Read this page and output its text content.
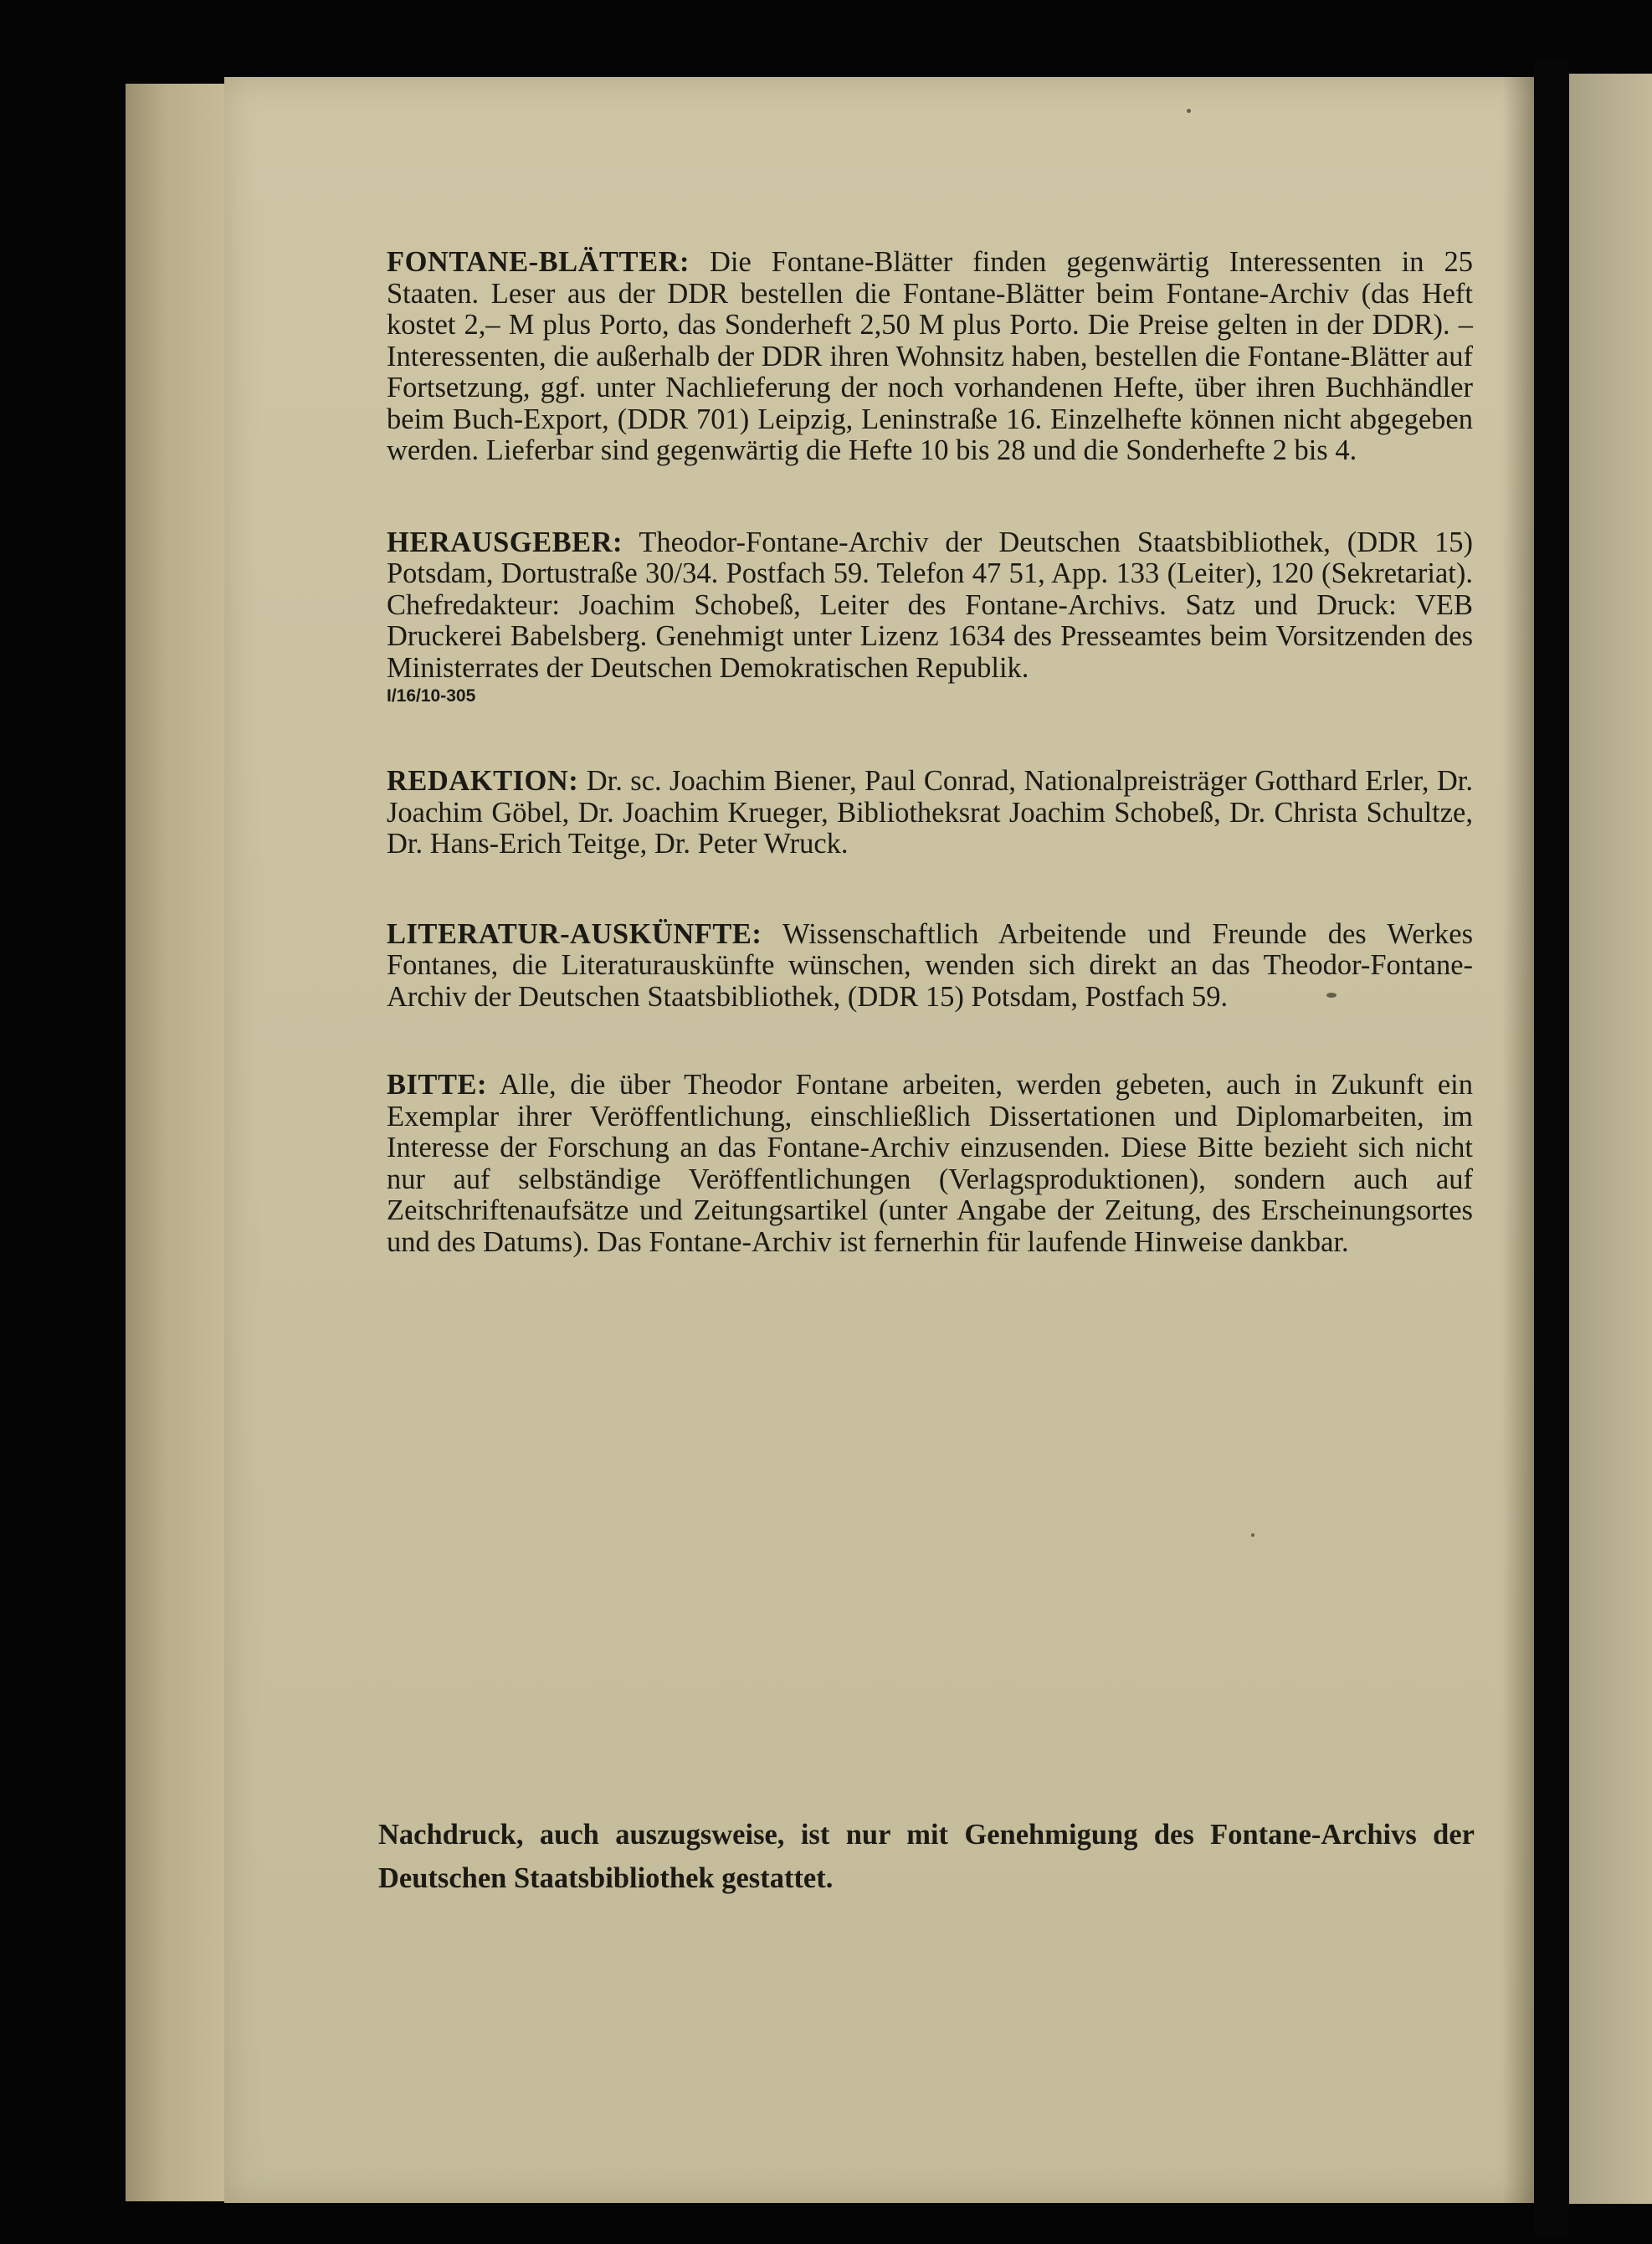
FONTANE-BLÄTTER: Die Fontane-Blätter finden gegenwärtig Interessenten in 25 Staaten. Leser aus der DDR bestellen die Fontane-Blätter beim Fontane-Archiv (das Heft kostet 2,– M plus Porto, das Sonderheft 2,50 M plus Porto. Die Preise gelten in der DDR). – Interessenten, die außerhalb der DDR ihren Wohnsitz haben, bestellen die Fontane-Blätter auf Fortsetzung, ggf. unter Nachlieferung der noch vorhandenen Hefte, über ihren Buchhändler beim Buch-Export, (DDR 701) Leipzig, Leninstraße 16. Einzelhefte können nicht abgegeben werden. Lieferbar sind gegenwärtig die Hefte 10 bis 28 und die Sonderhefte 2 bis 4.

HERAUSGEBER: Theodor-Fontane-Archiv der Deutschen Staatsbibliothek, (DDR 15) Potsdam, Dortustraße 30/34. Postfach 59. Telefon 47 51, App. 133 (Leiter), 120 (Sekretariat). Chefredakteur: Joachim Schobeß, Leiter des Fontane-Archivs. Satz und Druck: VEB Druckerei Babelsberg. Genehmigt unter Lizenz 1634 des Presseamtes beim Vorsitzenden des Ministerrates der Deutschen Demokratischen Republik.

I/16/10-305

REDAKTION: Dr. sc. Joachim Biener, Paul Conrad, Nationalpreisträger Gotthard Erler, Dr. Joachim Göbel, Dr. Joachim Krueger, Bibliotheksrat Joachim Schobeß, Dr. Christa Schultze, Dr. Hans-Erich Teitge, Dr. Peter Wruck.

LITERATUR-AUSKÜNFTE: Wissenschaftlich Arbeitende und Freunde des Werkes Fontanes, die Literaturauskünfte wünschen, wenden sich direkt an das Theodor-Fontane-Archiv der Deutschen Staatsbibliothek, (DDR 15) Potsdam, Postfach 59.

BITTE: Alle, die über Theodor Fontane arbeiten, werden gebeten, auch in Zukunft ein Exemplar ihrer Veröffentlichung, einschließlich Dissertationen und Diplomarbeiten, im Interesse der Forschung an das Fontane-Archiv einzusenden. Diese Bitte bezieht sich nicht nur auf selbständige Veröffentlichungen (Verlagsproduktionen), sondern auch auf Zeitschriftenaufsätze und Zeitungsartikel (unter Angabe der Zeitung, des Erscheinungsortes und des Datums). Das Fontane-Archiv ist fernerhin für laufende Hinweise dankbar.

Nachdruck, auch auszugsweise, ist nur mit Genehmigung des Fontane-Archivs der Deutschen Staatsbibliothek gestattet.
